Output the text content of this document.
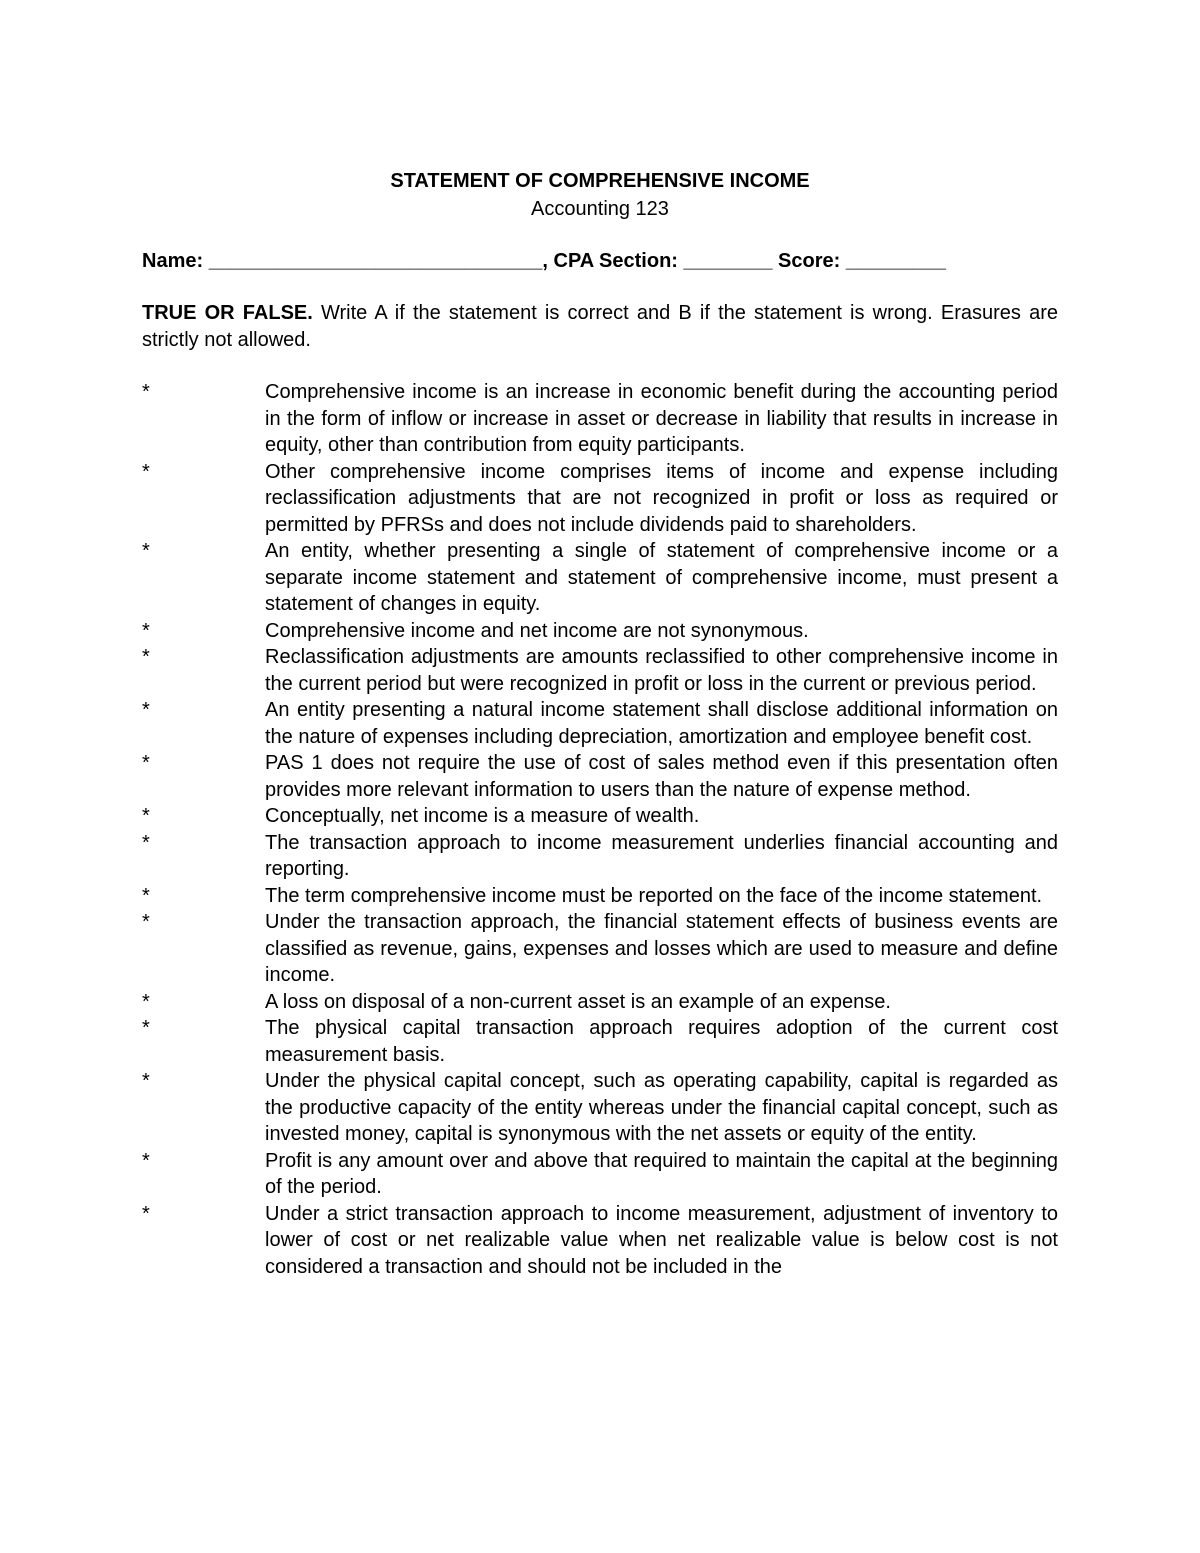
STATEMENT OF COMPREHENSIVE INCOME
Accounting 123
Name: ______________________________, CPA Section: ________ Score: _________
TRUE OR FALSE. Write A if the statement is correct and B if the statement is wrong. Erasures are strictly not allowed.
*	Comprehensive income is an increase in economic benefit during the accounting period in the form of inflow or increase in asset or decrease in liability that results in increase in equity, other than contribution from equity participants.
*	Other comprehensive income comprises items of income and expense including reclassification adjustments that are not recognized in profit or loss as required or permitted by PFRSs and does not include dividends paid to shareholders.
*	An entity, whether presenting a single of statement of comprehensive income or a separate income statement and statement of comprehensive income, must present a statement of changes in equity.
*	Comprehensive income and net income are not synonymous.
*	Reclassification adjustments are amounts reclassified to other comprehensive income in the current period but were recognized in profit or loss in the current or previous period.
*	An entity presenting a natural income statement shall disclose additional information on the nature of expenses including depreciation, amortization and employee benefit cost.
*	PAS 1 does not require the use of cost of sales method even if this presentation often provides more relevant information to users than the nature of expense method.
*	Conceptually, net income is a measure of wealth.
*	The transaction approach to income measurement underlies financial accounting and reporting.
*	The term comprehensive income must be reported on the face of the income statement.
*	Under the transaction approach, the financial statement effects of business events are classified as revenue, gains, expenses and losses which are used to measure and define income.
*	A loss on disposal of a non-current asset is an example of an expense.
*	The physical capital transaction approach requires adoption of the current cost measurement basis.
*	Under the physical capital concept, such as operating capability, capital is regarded as the productive capacity of the entity whereas under the financial capital concept, such as invested money, capital is synonymous with the net assets or equity of the entity.
*	Profit is any amount over and above that required to maintain the capital at the beginning of the period.
*	Under a strict transaction approach to income measurement, adjustment of inventory to lower of cost or net realizable value when net realizable value is below cost is not considered a transaction and should not be included in the
